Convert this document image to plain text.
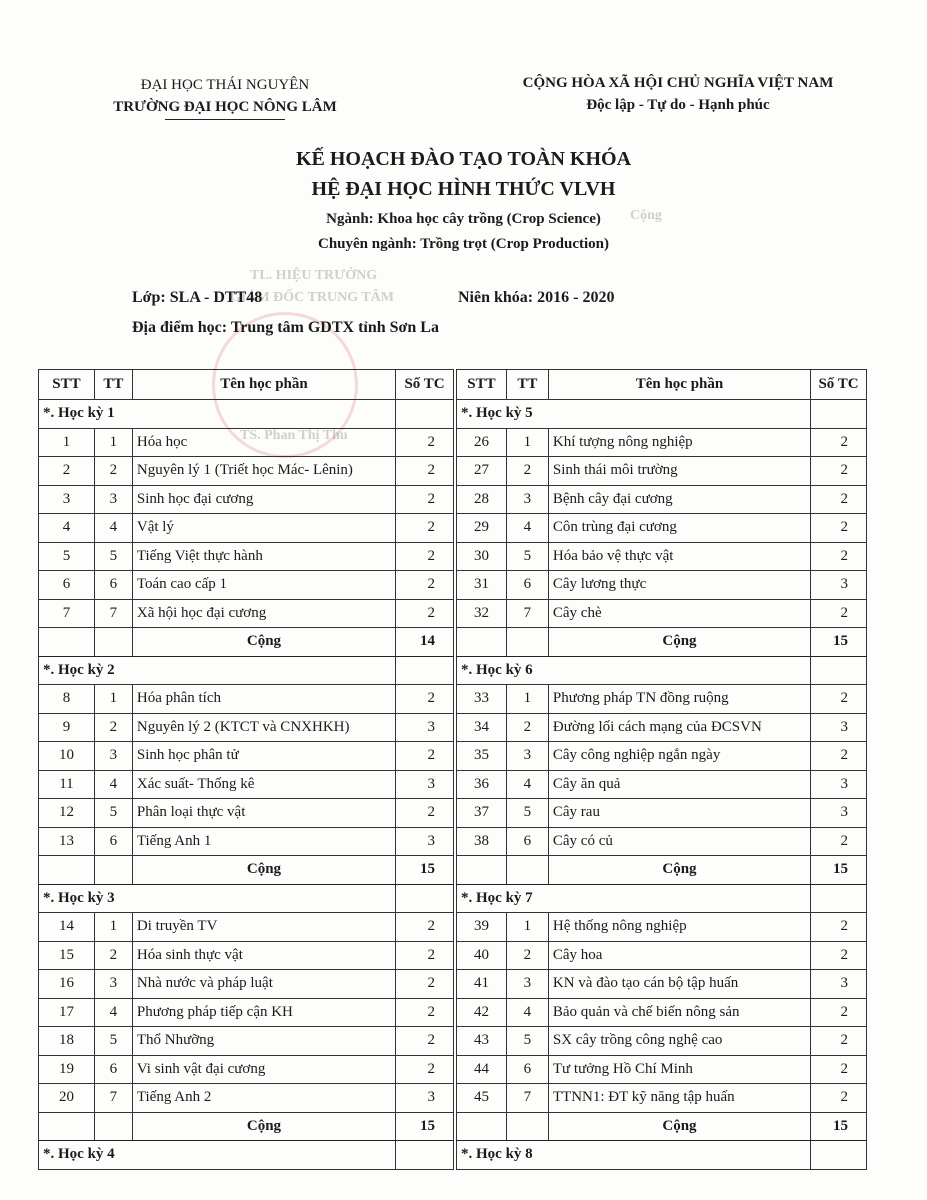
TL. HIỆU TRƯỞNG
GIÁM ĐỐC TRUNG TÂM
TS. Phan Thị Thu
Cộng
ĐẠI HỌC THÁI NGUYÊN
TRƯỜNG ĐẠI HỌC NÔNG LÂM
CỘNG HÒA XÃ HỘI CHỦ NGHĨA VIỆT NAM
Độc lập - Tự do - Hạnh phúc
KẾ HOẠCH ĐÀO TẠO TOÀN KHÓA
HỆ ĐẠI HỌC HÌNH THỨC VLVH
Ngành: Khoa học cây trồng (Crop Science)
Chuyên ngành: Trồng trọt (Crop Production)
Lớp: SLA - DTT48	Niên khóa: 2016 - 2020
Địa điểm học: Trung tâm GDTX tỉnh Sơn La
STT	TT	Tên học phần	Số TC
*. Học kỳ 1			
1	1	Hóa học	2
2	2	Nguyên lý 1 (Triết học Mác- Lênin)	2
3	3	Sinh học đại cương	2
4	4	Vật lý	2
5	5	Tiếng Việt thực hành	2
6	6	Toán cao cấp 1	2
7	7	Xã hội học đại cương	2
		Cộng	14
*. Học kỳ 2			
8	1	Hóa phân tích	2
9	2	Nguyên lý 2 (KTCT và CNXHKH)	3
10	3	Sinh học phân tử	2
11	4	Xác suất- Thống kê	3
12	5	Phân loại thực vật	2
13	6	Tiếng Anh 1	3
		Cộng	15
*. Học kỳ 3			
14	1	Di truyền TV	2
15	2	Hóa sinh thực vật	2
16	3	Nhà nước và pháp luật	2
17	4	Phương pháp tiếp cận KH	2
18	5	Thổ Nhưỡng	2
19	6	Vi sinh vật đại cương	2
20	7	Tiếng Anh 2	3
		Cộng	15
*. Học kỳ 4			
STT	TT	Tên học phần	Số TC
*. Học kỳ 5			
26	1	Khí tượng nông nghiệp	2
27	2	Sinh thái môi trường	2
28	3	Bệnh cây đại cương	2
29	4	Côn trùng đại cương	2
30	5	Hóa bảo vệ thực vật	2
31	6	Cây lương thực	3
32	7	Cây chè	2
		Cộng	15
*. Học kỳ 6			
33	1	Phương pháp TN đồng ruộng	2
34	2	Đường lối cách mạng của ĐCSVN	3
35	3	Cây công nghiệp ngắn ngày	2
36	4	Cây ăn quả	3
37	5	Cây rau	3
38	6	Cây có củ	2
		Cộng	15
*. Học kỳ 7			
39	1	Hệ thống nông nghiệp	2
40	2	Cây hoa	2
41	3	KN và đào tạo cán bộ tập huấn	3
42	4	Bảo quản và chế biến nông sản	2
43	5	SX cây trồng công nghệ cao	2
44	6	Tư tưởng Hồ Chí Minh	2
45	7	TTNN1: ĐT kỹ năng tập huấn	2
		Cộng	15
*. Học kỳ 8			
